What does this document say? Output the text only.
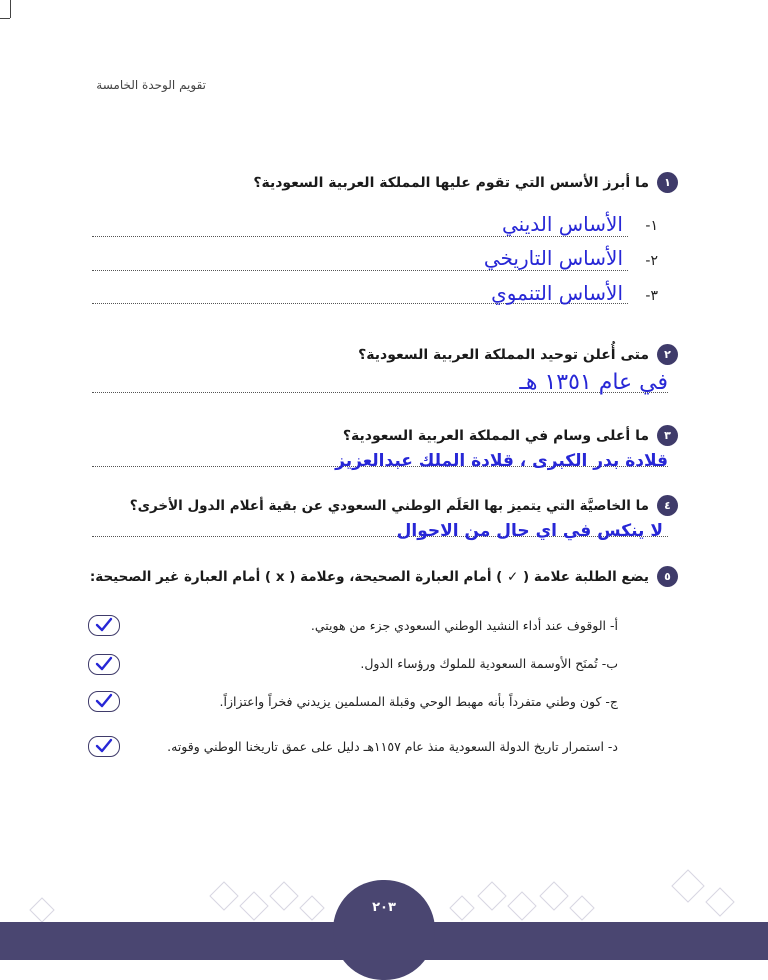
تقويم الوحدة الخامسة
١
ما أبرز الأسس التي تقوم عليها المملكة العربية السعودية؟
١-
الأساس الديني
٢-
الأساس التاريخي
٣-
الأساس التنموي
٢
متى أُعلن توحيد المملكة العربية السعودية؟
في عام ١٣٥١ هـ
٣
ما أعلى وسام في المملكة العربية السعودية؟
قلادة بدر الكبرى ، قلادة الملك عبدالعزيز
٤
ما الخاصيَّة التي يتميز بها العَلَم الوطني السعودي عن بقية أعلام الدول الأخرى؟
لا ينكس في اي حال من الاحوال
٥
يضع الطلبة علامة ( ✓ ) أمام العبارة الصحيحة، وعلامة ( x ) أمام العبارة غير الصحيحة:
أ- الوقوف عند أداء النشيد الوطني السعودي جزء من هويتي.
ب- تُمنَح الأوسمة السعودية للملوك ورؤساء الدول.
ج- كون وطني متفرداً بأنه مهبط الوحي وقبلة المسلمين يزيدني فخراً واعتزازاً.
د- استمرار تاريخ الدولة السعودية منذ عام ١١٥٧هـ دليل على عمق تاريخنا الوطني وقوته.
٢٠٣
